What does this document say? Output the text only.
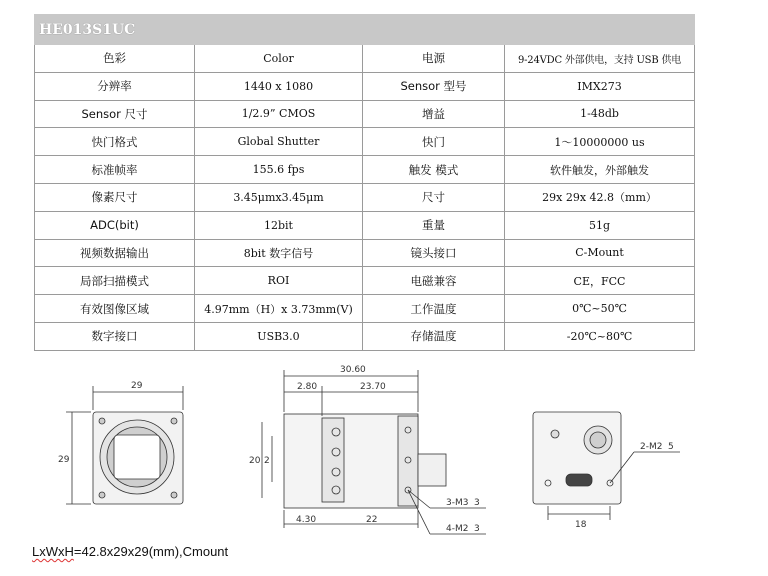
HE013S1UC			
色彩	Color	电源	9-24VDC 外部供电，支持 USB 供电
分辨率	1440 x 1080	Sensor 型号	IMX273
Sensor 尺寸	1/2.9” CMOS	增益	1-48db
快门格式	Global Shutter	快门	1～10000000 us
标准帧率	155.6 fps	触发 模式	软件触发，外部触发
像素尺寸	3.45μmx3.45μm	尺寸	29x 29x 42.8（mm）
ADC(bit)	12bit	重量	51g
视频数据输出	8bit 数字信号	镜头接口	C-Mount
局部扫描模式	ROI	电磁兼容	CE，FCC
有效图像区域	4.97mm（H）x 3.73mm(V)	工作温度	0℃~50℃
数字接口	USB3.0	存储温度	-20℃~80℃
29
29
30.60
2.80	23.70
20 2
4.30	22
3-M3 3
4-M2 3
2-M2 5
18
LxWxH=42.8x29x29(mm),Cmount
